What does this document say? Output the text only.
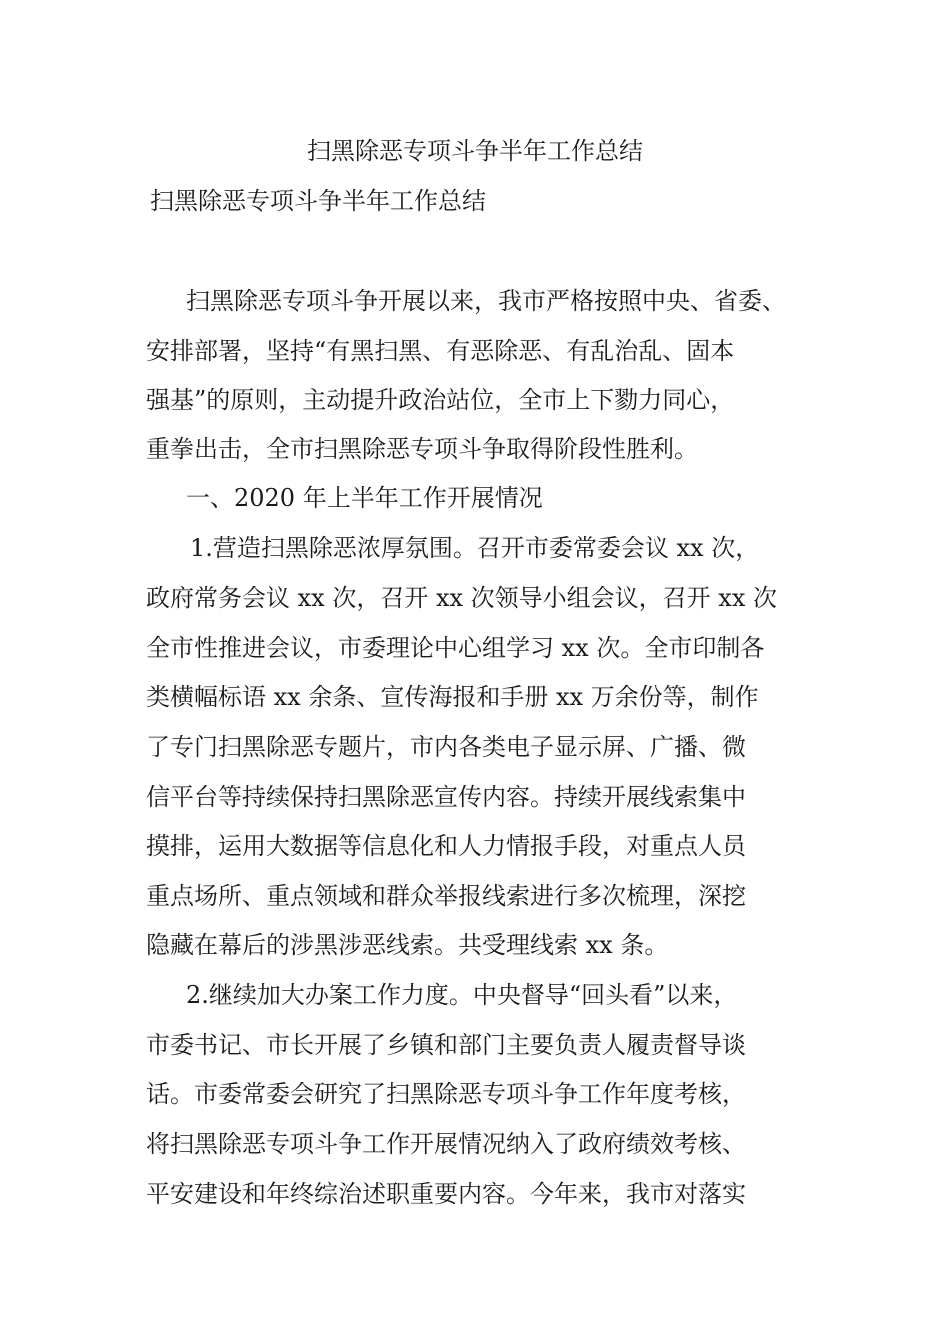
扫黑除恶专项斗争半年工作总结
扫黑除恶专项斗争半年工作总结
扫黑除恶专项斗争开展以来，我市严格按照中央、省委、
安排部署，坚持“有黑扫黑、有恶除恶、有乱治乱、固本
强基”的原则，主动提升政治站位，全市上下勠力同心，
重拳出击，全市扫黑除恶专项斗争取得阶段性胜利。
一、2020 年上半年工作开展情况
1.营造扫黑除恶浓厚氛围。召开市委常委会议 xx 次，
政府常务会议 xx 次，召开 xx 次领导小组会议，召开 xx 次
全市性推进会议，市委理论中心组学习 xx 次。全市印制各
类横幅标语 xx 余条、宣传海报和手册 xx 万余份等，制作
了专门扫黑除恶专题片，市内各类电子显示屏、广播、微
信平台等持续保持扫黑除恶宣传内容。持续开展线索集中
摸排，运用大数据等信息化和人力情报手段，对重点人员
重点场所、重点领域和群众举报线索进行多次梳理，深挖
隐藏在幕后的涉黑涉恶线索。共受理线索 xx 条。
2.继续加大办案工作力度。中央督导“回头看”以来，
市委书记、市长开展了乡镇和部门主要负责人履责督导谈
话。市委常委会研究了扫黑除恶专项斗争工作年度考核，
将扫黑除恶专项斗争工作开展情况纳入了政府绩效考核、
平安建设和年终综治述职重要内容。今年来，我市对落实
